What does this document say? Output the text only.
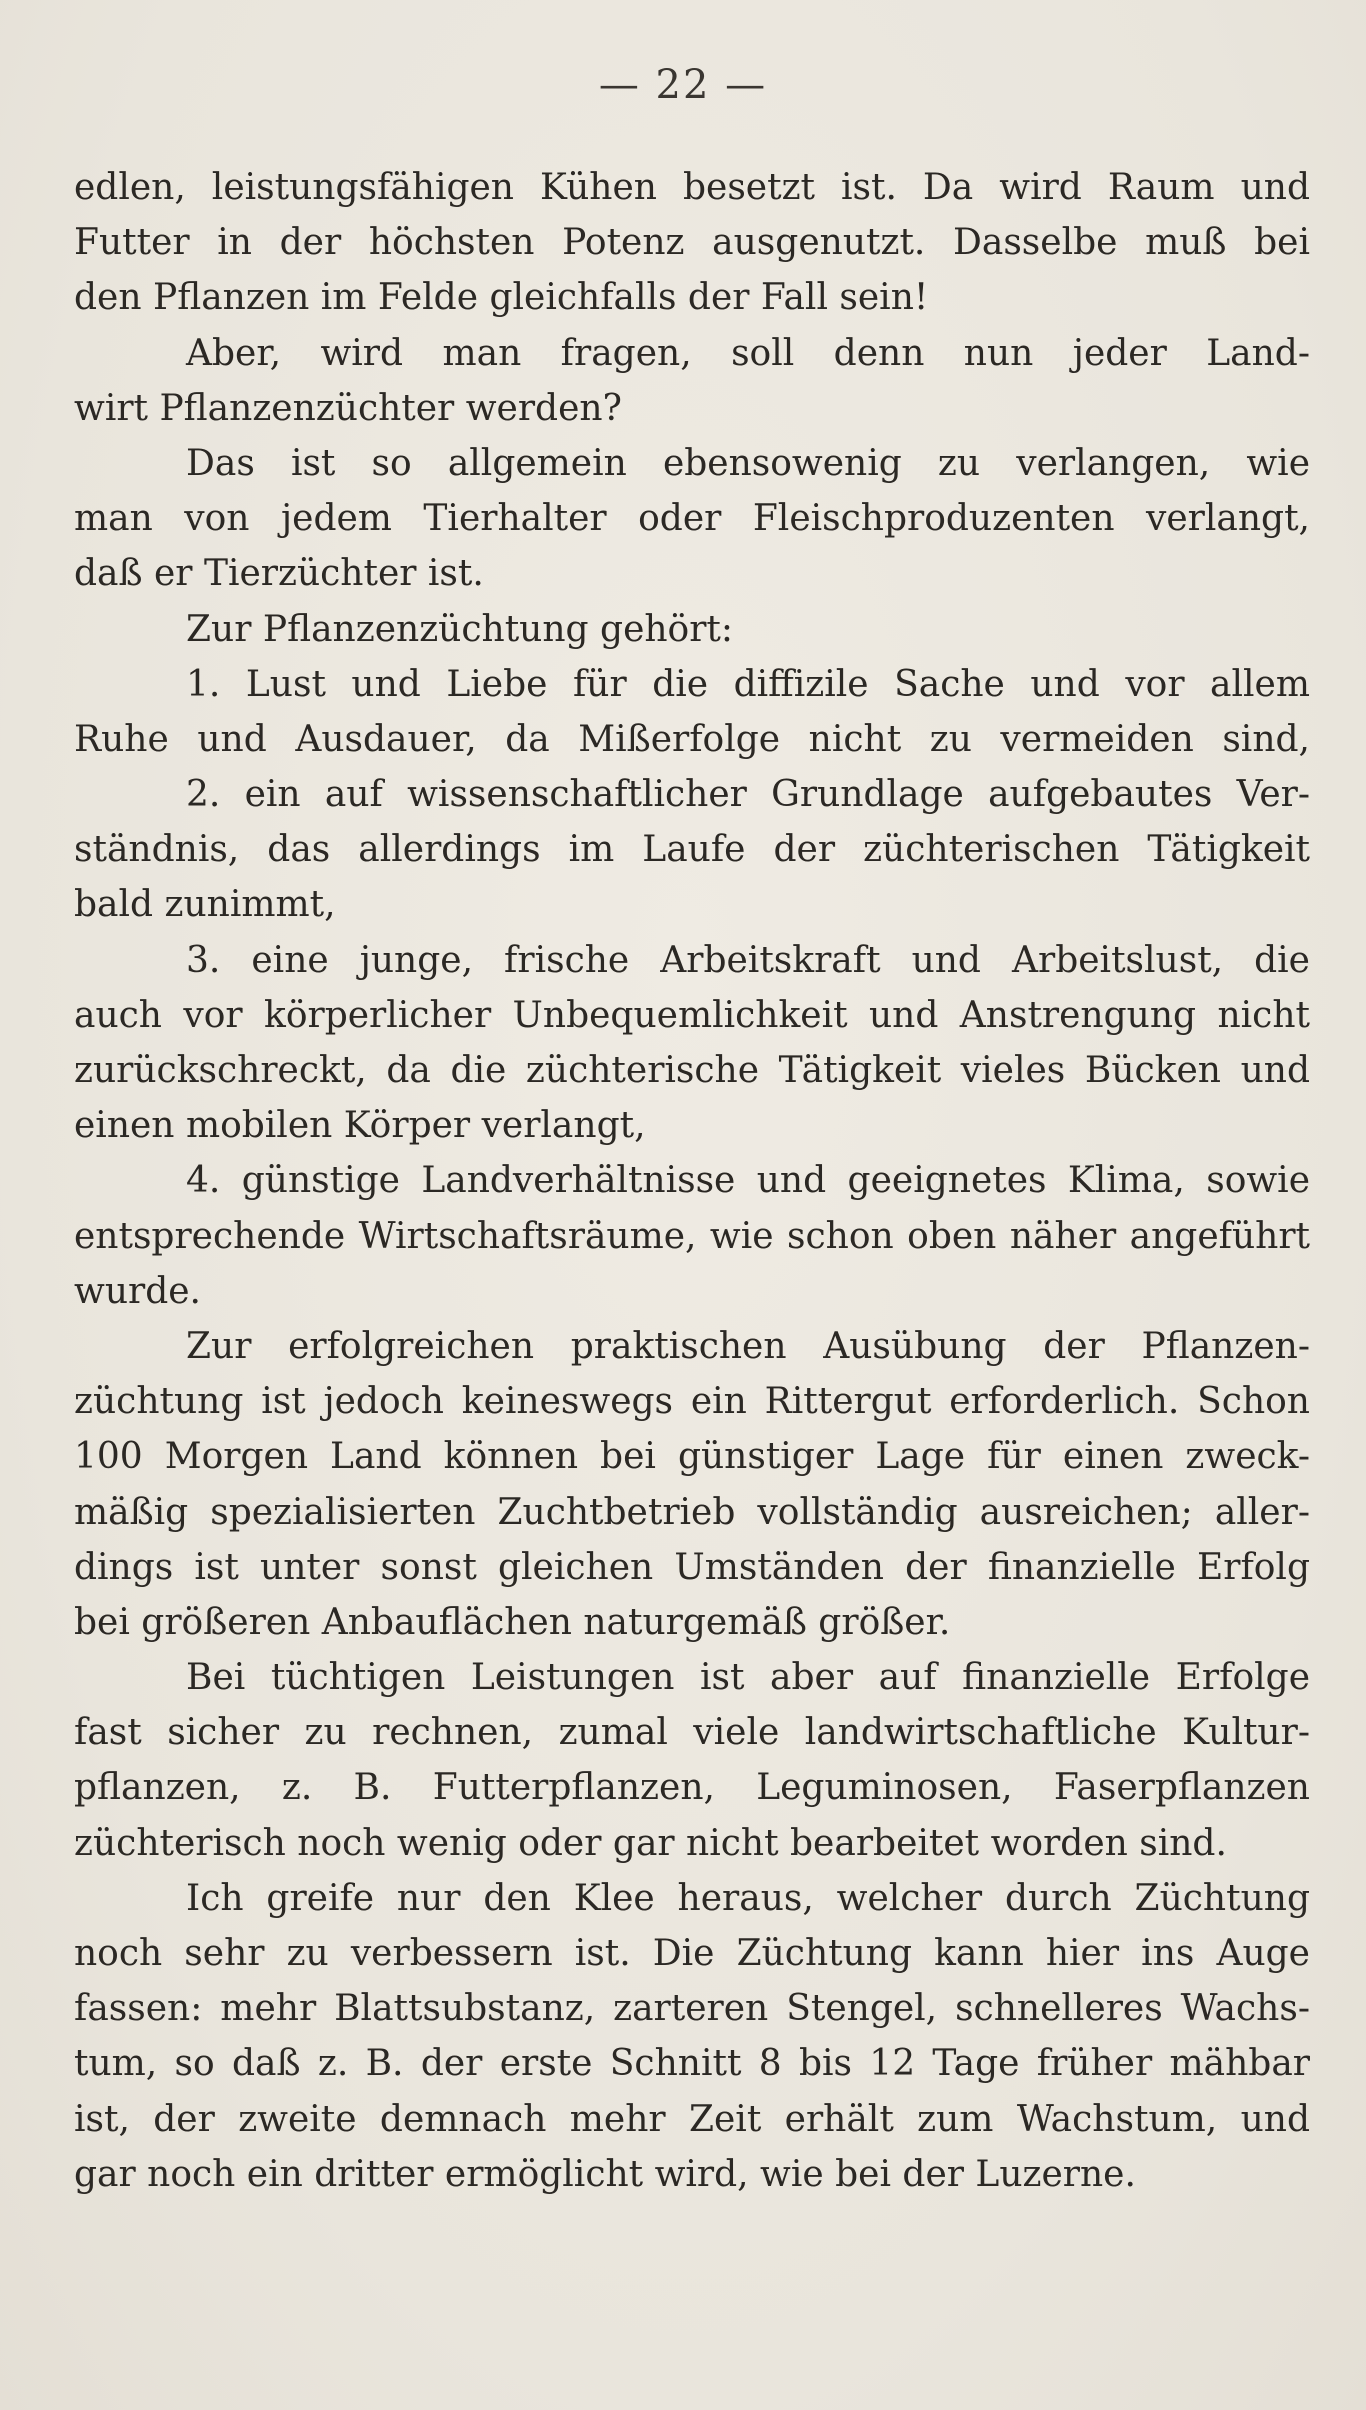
— 22 —
edlen, leistungsfähigen Kühen besetzt ist. Da wird Raum und
Futter in der höchsten Potenz ausgenutzt. Dasselbe muß bei
den Pflanzen im Felde gleichfalls der Fall sein!
Aber, wird man fragen, soll denn nun jeder Land-
wirt Pflanzenzüchter werden?
Das ist so allgemein ebensowenig zu verlangen, wie
man von jedem Tierhalter oder Fleischproduzenten verlangt,
daß er Tierzüchter ist.
Zur Pflanzenzüchtung gehört:
1. Lust und Liebe für die diffizile Sache und vor allem
Ruhe und Ausdauer, da Mißerfolge nicht zu vermeiden sind,
2. ein auf wissenschaftlicher Grundlage aufgebautes Ver-
ständnis, das allerdings im Laufe der züchterischen Tätigkeit
bald zunimmt,
3. eine junge, frische Arbeitskraft und Arbeitslust, die
auch vor körperlicher Unbequemlichkeit und Anstrengung nicht
zurückschreckt, da die züchterische Tätigkeit vieles Bücken und
einen mobilen Körper verlangt,
4. günstige Landverhältnisse und geeignetes Klima, sowie
entsprechende Wirtschaftsräume, wie schon oben näher angeführt
wurde.
Zur erfolgreichen praktischen Ausübung der Pflanzen-
züchtung ist jedoch keineswegs ein Rittergut erforderlich. Schon
100 Morgen Land können bei günstiger Lage für einen zweck-
mäßig spezialisierten Zuchtbetrieb vollständig ausreichen; aller-
dings ist unter sonst gleichen Umständen der finanzielle Erfolg
bei größeren Anbauflächen naturgemäß größer.
Bei tüchtigen Leistungen ist aber auf finanzielle Erfolge
fast sicher zu rechnen, zumal viele landwirtschaftliche Kultur-
pflanzen, z. B. Futterpflanzen, Leguminosen, Faserpflanzen
züchterisch noch wenig oder gar nicht bearbeitet worden sind.
Ich greife nur den Klee heraus, welcher durch Züchtung
noch sehr zu verbessern ist. Die Züchtung kann hier ins Auge
fassen: mehr Blattsubstanz, zarteren Stengel, schnelleres Wachs-
tum, so daß z. B. der erste Schnitt 8 bis 12 Tage früher mähbar
ist, der zweite demnach mehr Zeit erhält zum Wachstum, und
gar noch ein dritter ermöglicht wird, wie bei der Luzerne.
